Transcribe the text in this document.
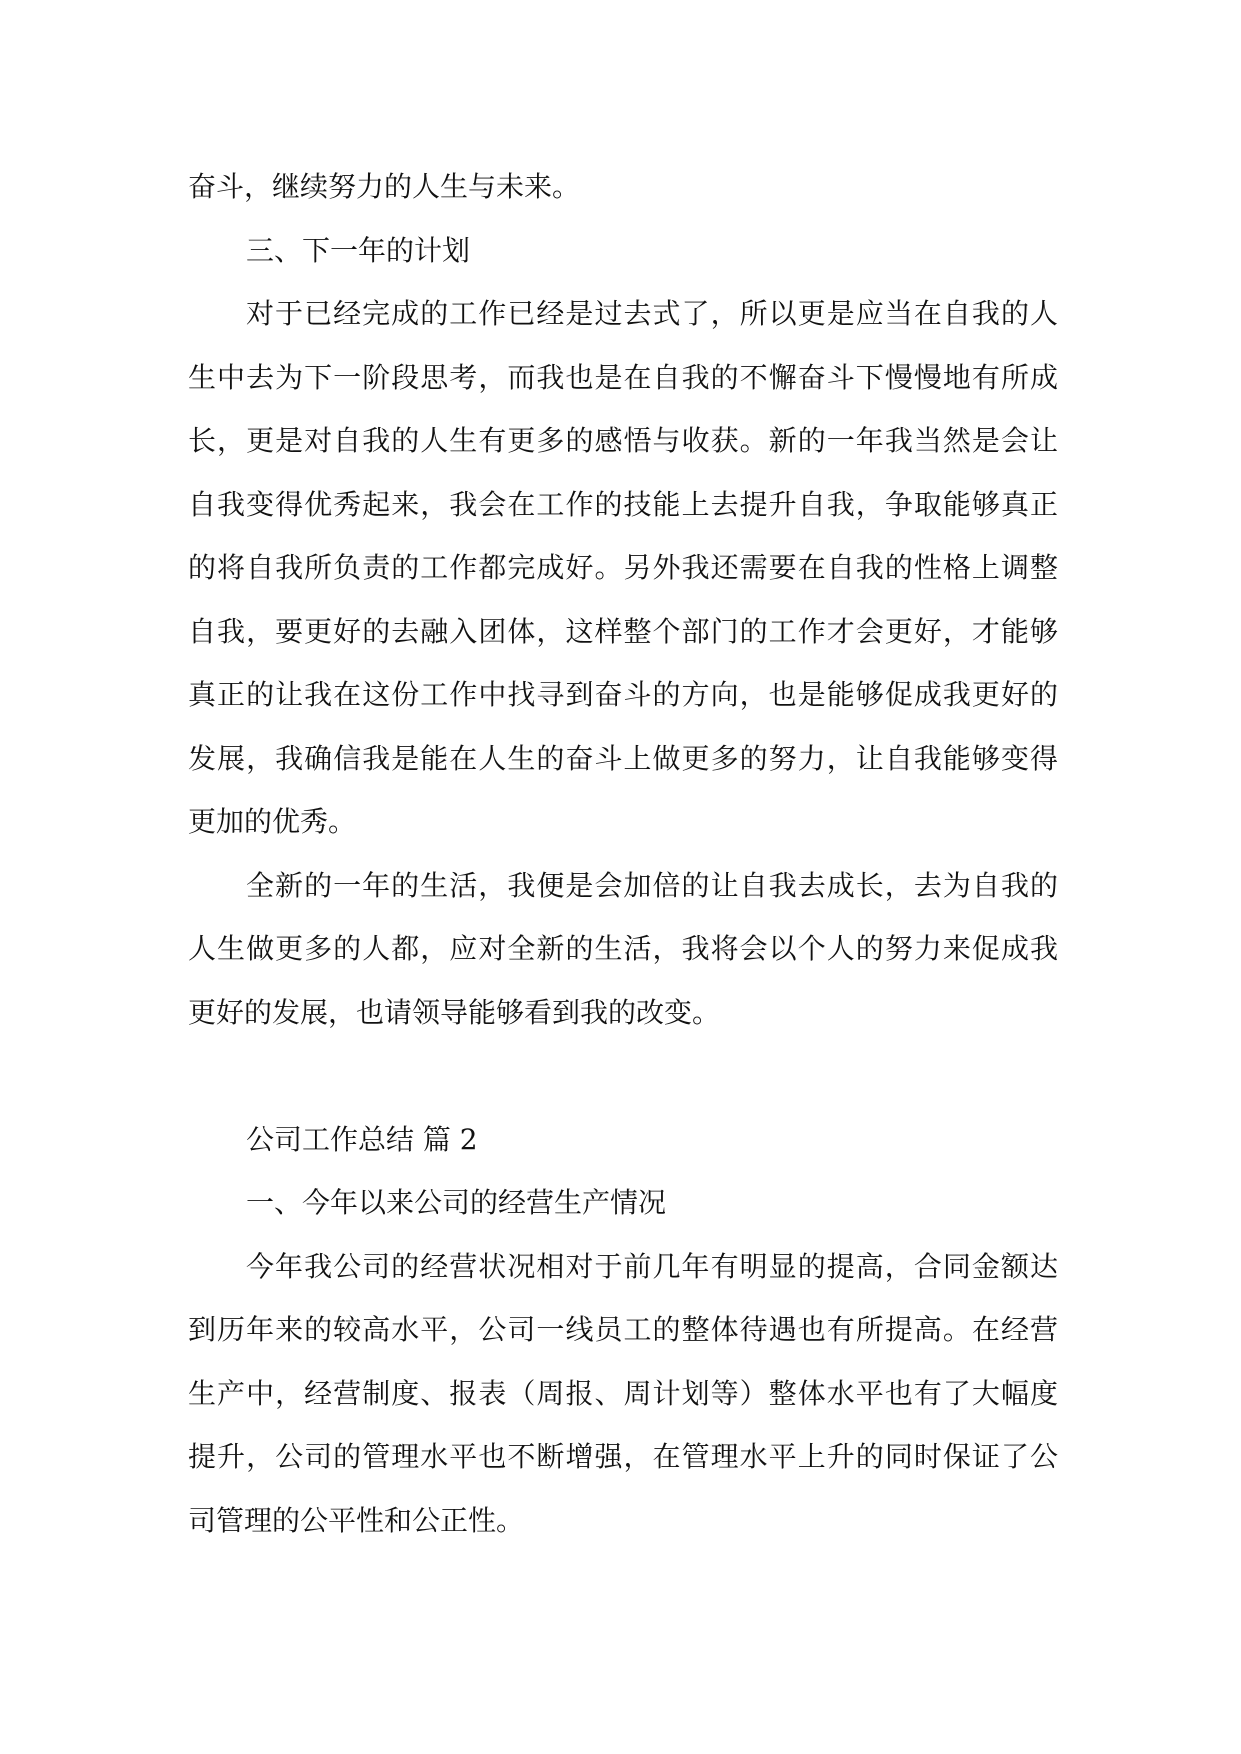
奋斗，继续努力的人生与未来。
三、下一年的计划
对于已经完成的工作已经是过去式了，所以更是应当在自我的人
生中去为下一阶段思考，而我也是在自我的不懈奋斗下慢慢地有所成
长，更是对自我的人生有更多的感悟与收获。新的一年我当然是会让
自我变得优秀起来，我会在工作的技能上去提升自我，争取能够真正
的将自我所负责的工作都完成好。另外我还需要在自我的性格上调整
自我，要更好的去融入团体，这样整个部门的工作才会更好，才能够
真正的让我在这份工作中找寻到奋斗的方向，也是能够促成我更好的
发展，我确信我是能在人生的奋斗上做更多的努力，让自我能够变得
更加的优秀。
全新的一年的生活，我便是会加倍的让自我去成长，去为自我的
人生做更多的人都，应对全新的生活，我将会以个人的努力来促成我
更好的发展，也请领导能够看到我的改变。
公司工作总结 篇 2
一、今年以来公司的经营生产情况
今年我公司的经营状况相对于前几年有明显的提高，合同金额达
到历年来的较高水平，公司一线员工的整体待遇也有所提高。在经营
生产中，经营制度、报表（周报、周计划等）整体水平也有了大幅度
提升，公司的管理水平也不断增强，在管理水平上升的同时保证了公
司管理的公平性和公正性。
